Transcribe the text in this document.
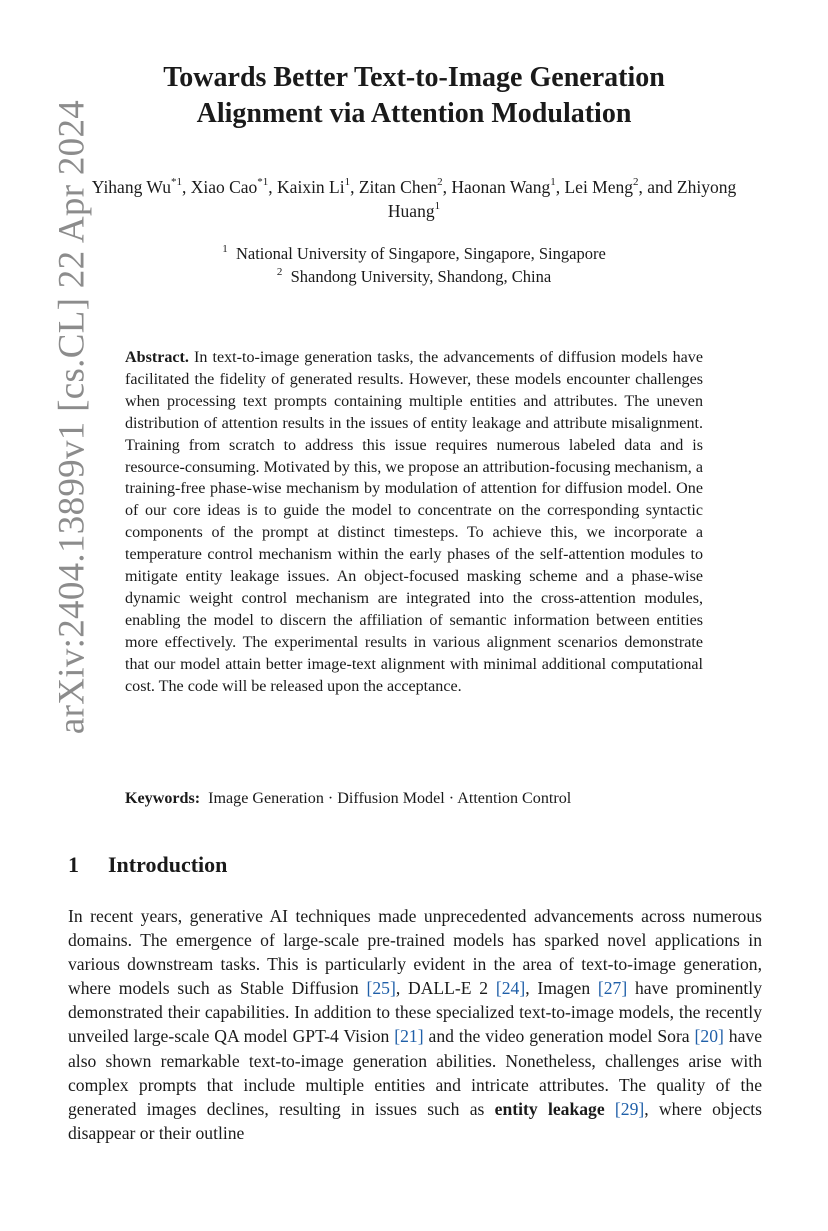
arXiv:2404.13899v1 [cs.CL] 22 Apr 2024
Towards Better Text-to-Image Generation
Alignment via Attention Modulation
Yihang Wu$^{*1}$, Xiao Cao$^{*1}$, Kaixin Li$^1$, Zitan Chen$^2$, Haonan Wang$^1$, Lei Meng$^2$, and Zhiyong Huang$^1$
$^1$ National University of Singapore, Singapore, Singapore
$^2$ Shandong University, Shandong, China
Abstract. In text-to-image generation tasks, the advancements of diffusion models have facilitated the fidelity of generated results. However, these models encounter challenges when processing text prompts containing multiple entities and attributes. The uneven distribution of attention results in the issues of entity leakage and attribute misalignment. Training from scratch to address this issue requires numerous labeled data and is resource-consuming. Motivated by this, we propose an attribution-focusing mechanism, a training-free phase-wise mechanism by modulation of attention for diffusion model. One of our core ideas is to guide the model to concentrate on the corresponding syntactic components of the prompt at distinct timesteps. To achieve this, we incorporate a temperature control mechanism within the early phases of the self-attention modules to mitigate entity leakage issues. An object-focused masking scheme and a phase-wise dynamic weight control mechanism are integrated into the cross-attention modules, enabling the model to discern the affiliation of semantic information between entities more effectively. The experimental results in various alignment scenarios demonstrate that our model attain better image-text alignment with minimal additional computational cost. The code will be released upon the acceptance.
Keywords: Image Generation · Diffusion Model · Attention Control
1 Introduction
In recent years, generative AI techniques made unprecedented advancements across numerous domains. The emergence of large-scale pre-trained models has sparked novel applications in various downstream tasks. This is particularly evident in the area of text-to-image generation, where models such as Stable Diffusion [25], DALL-E 2 [24], Imagen [27] have prominently demonstrated their capabilities. In addition to these specialized text-to-image models, the recently unveiled large-scale QA model GPT-4 Vision [21] and the video generation model Sora [20] have also shown remarkable text-to-image generation abilities. Nonetheless, challenges arise with complex prompts that include multiple entities and intricate attributes. The quality of the generated images declines, resulting in issues such as entity leakage [29], where objects disappear or their outline
